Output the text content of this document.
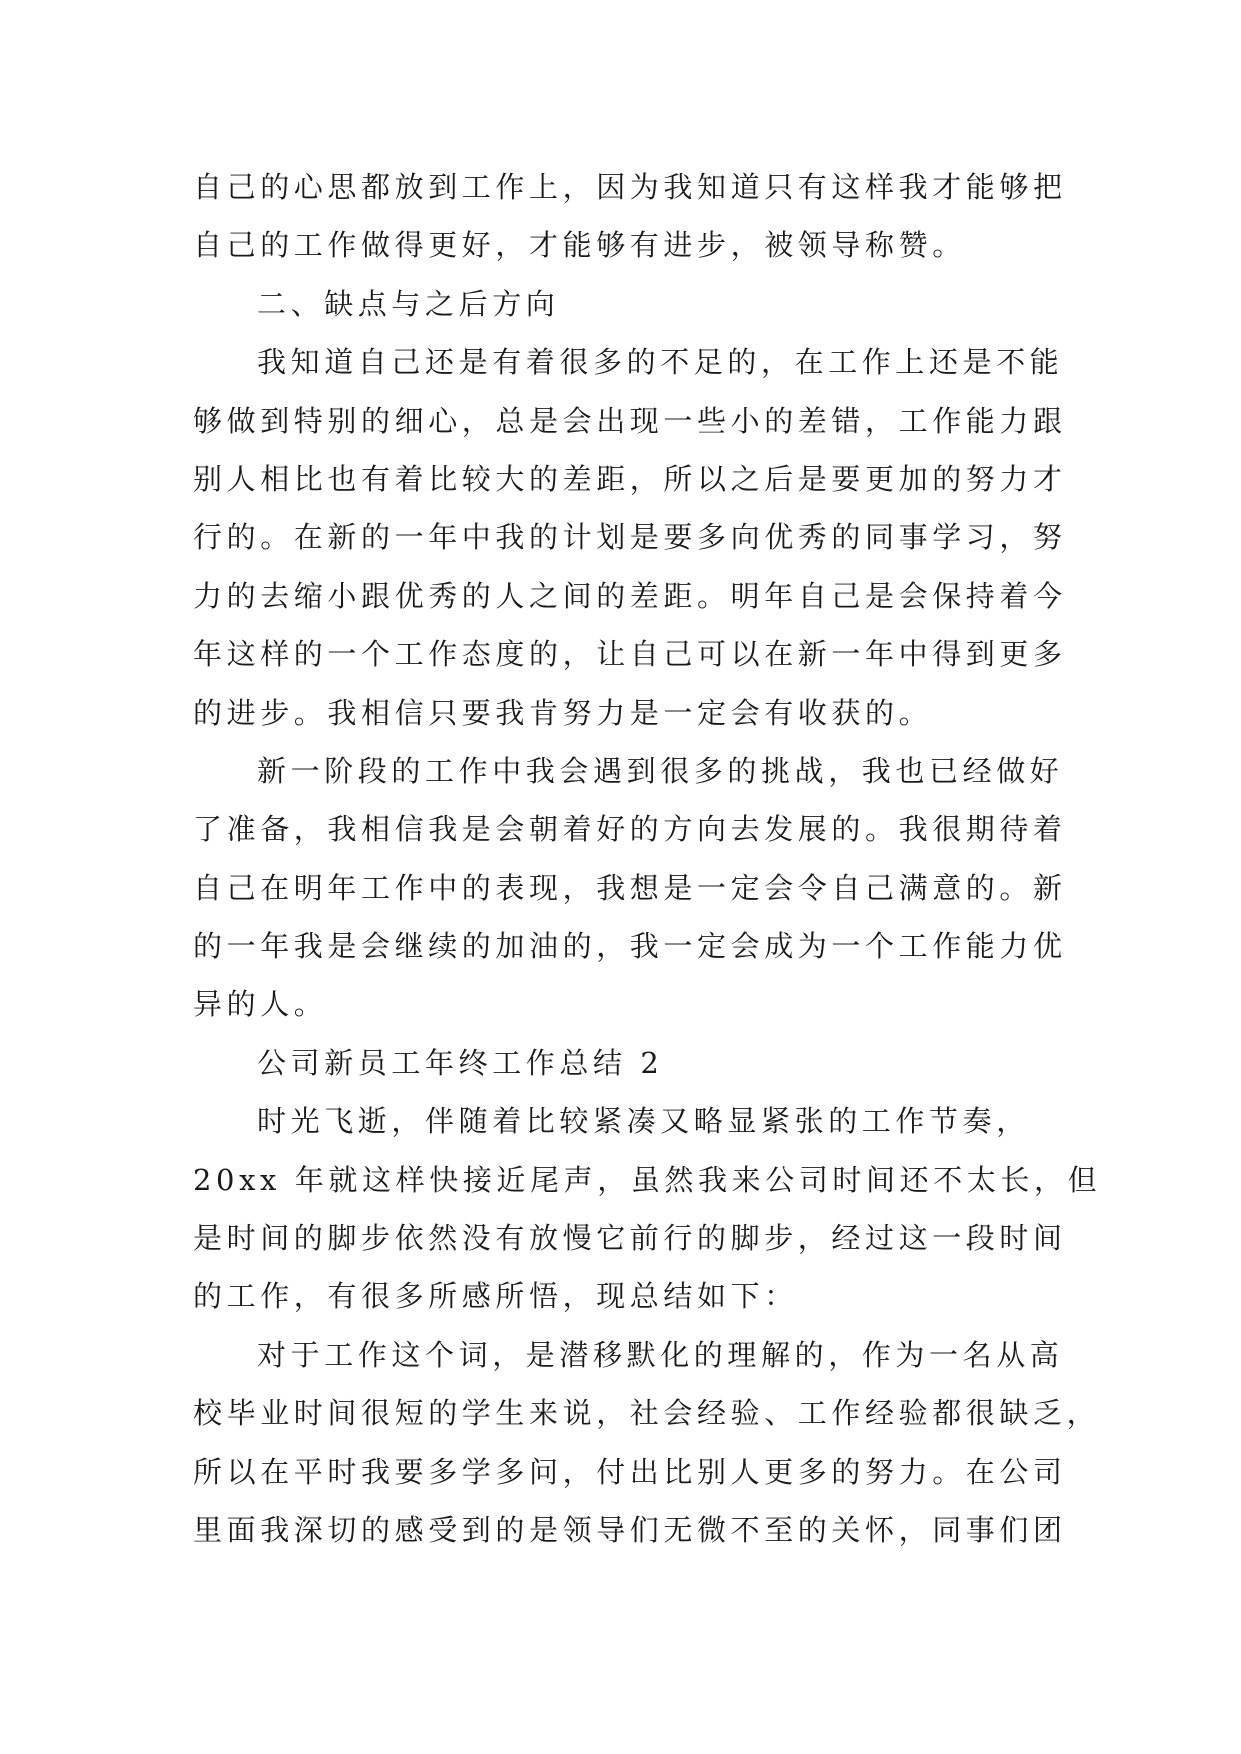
自己的心思都放到工作上，因为我知道只有这样我才能够把
自己的工作做得更好，才能够有进步，被领导称赞。
二、缺点与之后方向
我知道自己还是有着很多的不足的，在工作上还是不能
够做到特别的细心，总是会出现一些小的差错，工作能力跟
别人相比也有着比较大的差距，所以之后是要更加的努力才
行的。在新的一年中我的计划是要多向优秀的同事学习，努
力的去缩小跟优秀的人之间的差距。明年自己是会保持着今
年这样的一个工作态度的，让自己可以在新一年中得到更多
的进步。我相信只要我肯努力是一定会有收获的。
新一阶段的工作中我会遇到很多的挑战，我也已经做好
了准备，我相信我是会朝着好的方向去发展的。我很期待着
自己在明年工作中的表现，我想是一定会令自己满意的。新
的一年我是会继续的加油的，我一定会成为一个工作能力优
异的人。
公司新员工年终工作总结 2
时光飞逝，伴随着比较紧凑又略显紧张的工作节奏，
20xx 年就这样快接近尾声，虽然我来公司时间还不太长，但
是时间的脚步依然没有放慢它前行的脚步，经过这一段时间
的工作，有很多所感所悟，现总结如下：
对于工作这个词，是潜移默化的理解的，作为一名从高
校毕业时间很短的学生来说，社会经验、工作经验都很缺乏，
所以在平时我要多学多问，付出比别人更多的努力。在公司
里面我深切的感受到的是领导们无微不至的关怀，同事们团
